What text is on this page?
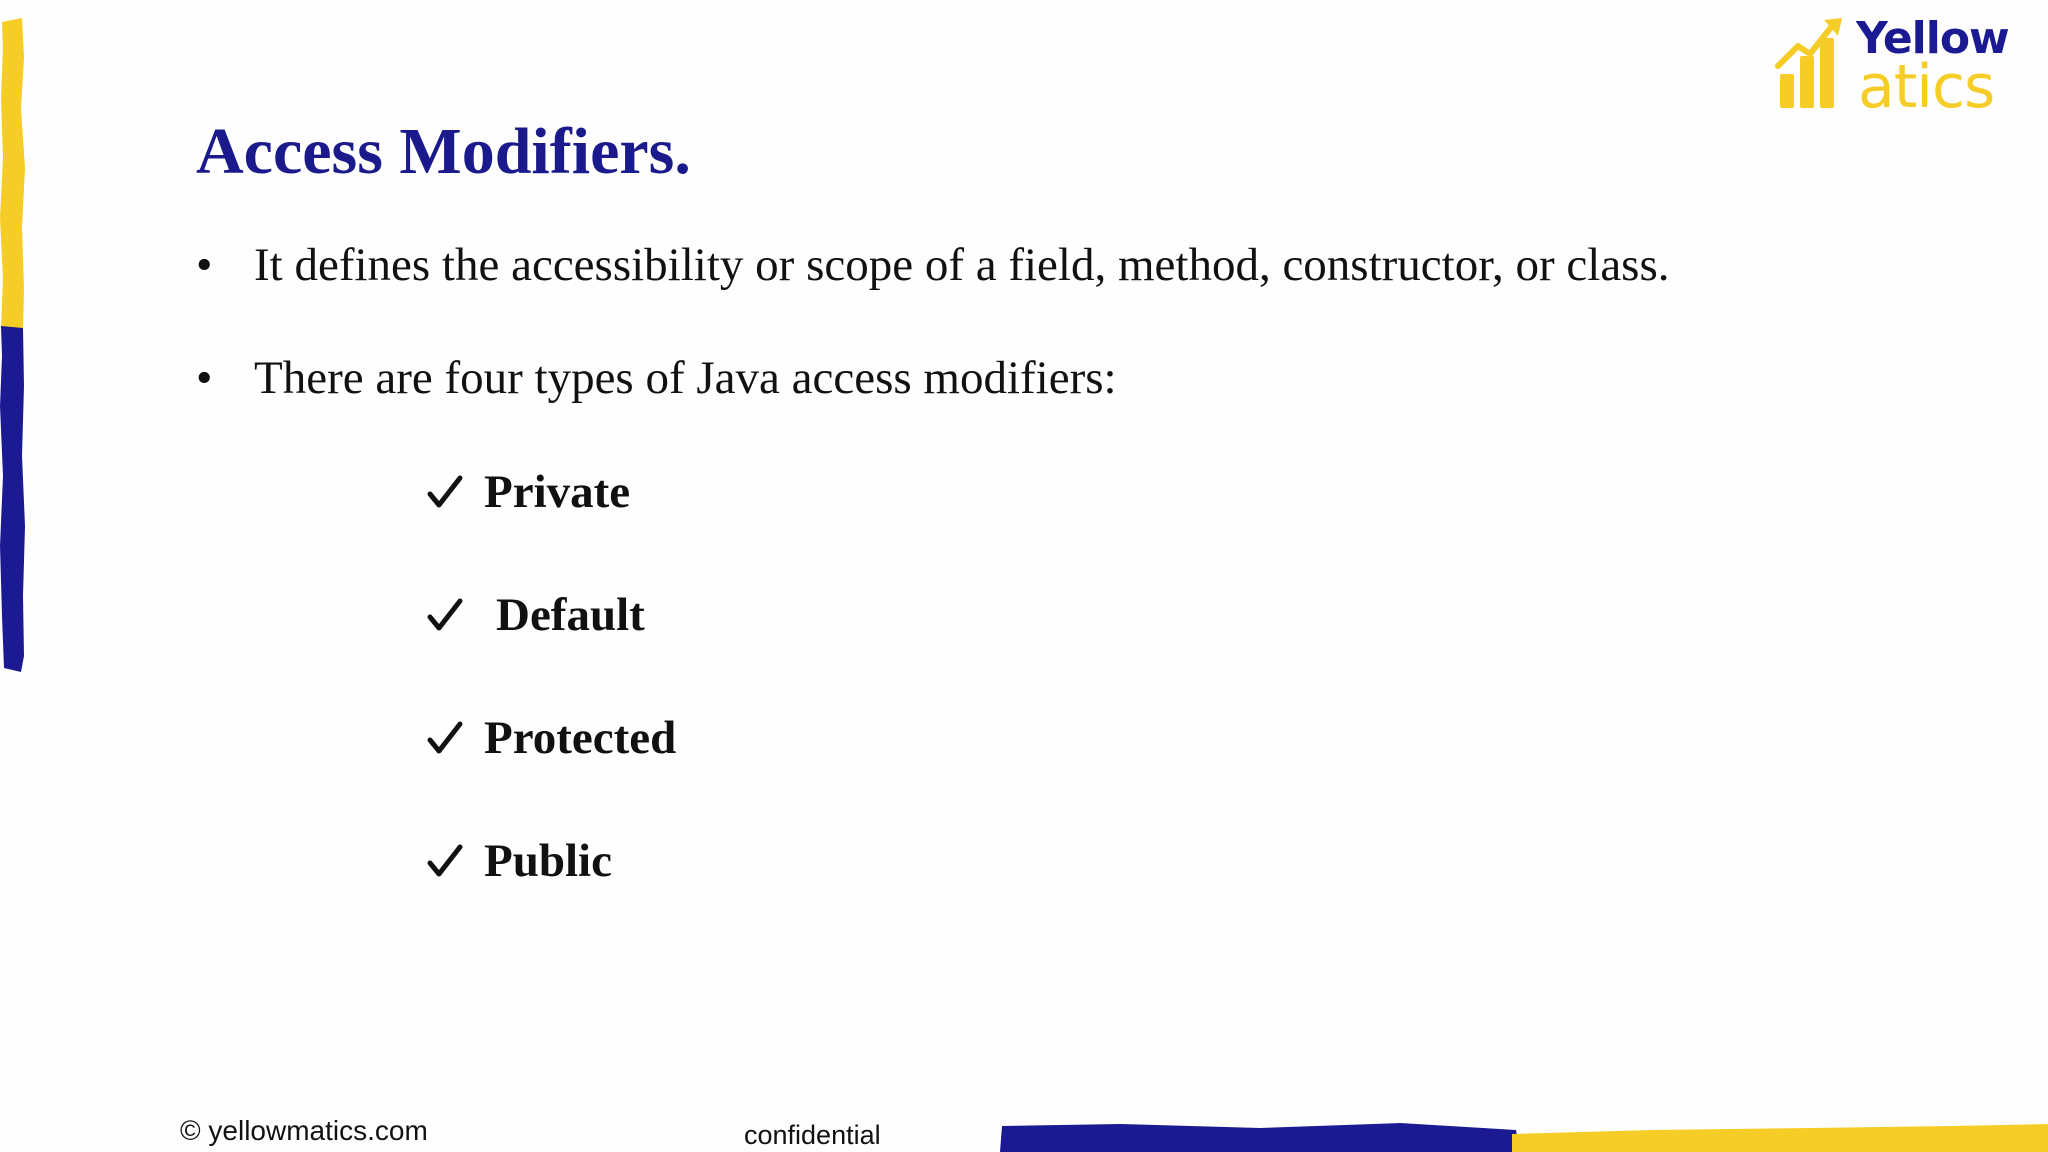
Yellow
atics
Access Modifiers.
• It defines the accessibility or scope of a field, method, constructor, or class.
• There are four types of Java access modifiers:
Private
Default
Protected
Public
© yellowmatics.com	confidential
